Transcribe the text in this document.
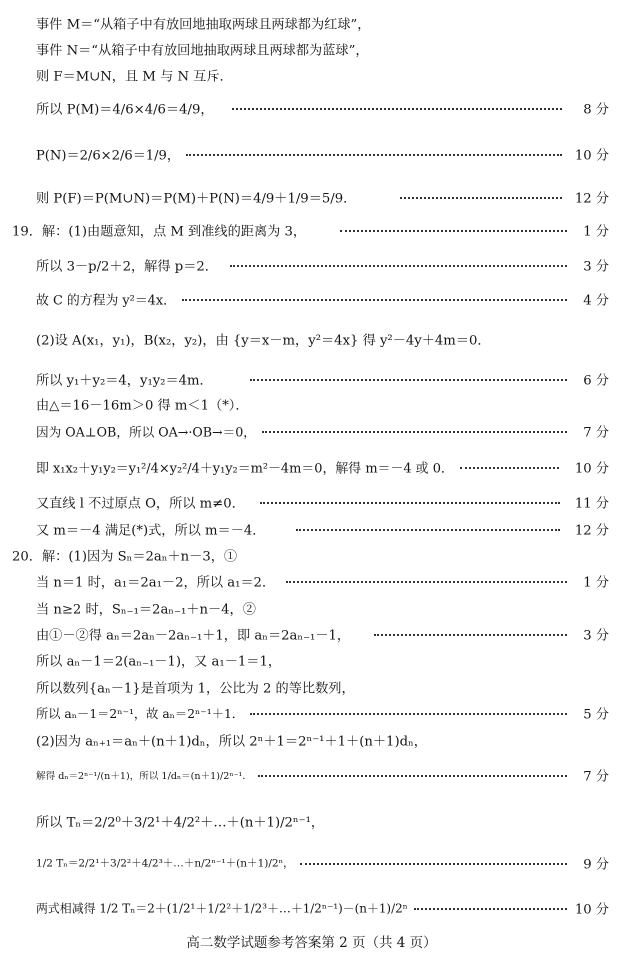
事件 M＝“从箱子中有放回地抽取两球且两球都为红球”，
事件 N＝“从箱子中有放回地抽取两球且两球都为蓝球”，
则 F＝M∪N，且 M 与 N 互斥．
所以 P(M)＝4/6×4/6＝4/9，	8 分
P(N)＝2/6×2/6＝1/9，	10 分
则 P(F)＝P(M∪N)＝P(M)＋P(N)＝4/9＋1/9＝5/9．	12 分
19．解：(1)由题意知，点 M 到准线的距离为 3，	1 分
所以 3－p/2＋2，解得 p＝2．	3 分
故 C 的方程为 y²＝4x．	4 分
(2)设 A(x₁，y₁)，B(x₂，y₂)，由 {y＝x－m，y²＝4x} 得 y²－4y＋4m＝0．
所以 y₁＋y₂＝4，y₁y₂＝4m．	6 分
由△＝16－16m＞0 得 m＜1（*）．
因为 OA⊥OB，所以 OA→·OB→＝0，	7 分
即 x₁x₂＋y₁y₂＝y₁²/4×y₂²/4＋y₁y₂＝m²－4m＝0，解得 m＝－4 或 0．	10 分
又直线 l 不过原点 O，所以 m≠0．	11 分
又 m＝－4 满足(*)式，所以 m＝－4．	12 分
20．解：(1)因为 Sₙ＝2aₙ＋n－3，①
当 n＝1 时，a₁＝2a₁－2，所以 a₁＝2．	1 分
当 n≥2 时，Sₙ₋₁＝2aₙ₋₁＋n－4，②
由①－②得 aₙ＝2aₙ－2aₙ₋₁＋1，即 aₙ＝2aₙ₋₁－1，	3 分
所以 aₙ－1＝2(aₙ₋₁－1)，又 a₁－1＝1，
所以数列{aₙ－1}是首项为 1，公比为 2 的等比数列，
所以 aₙ－1＝2ⁿ⁻¹，故 aₙ＝2ⁿ⁻¹＋1．	5 分
(2)因为 aₙ₊₁＝aₙ＋(n＋1)dₙ，所以 2ⁿ＋1＝2ⁿ⁻¹＋1＋(n＋1)dₙ，
解得 dₙ＝2ⁿ⁻¹/(n＋1)，所以 1/dₙ＝(n＋1)/2ⁿ⁻¹．	7 分
所以 Tₙ＝2/2⁰＋3/2¹＋4/2²＋…＋(n＋1)/2ⁿ⁻¹，
1/2 Tₙ＝2/2¹＋3/2²＋4/2³＋…＋n/2ⁿ⁻¹＋(n＋1)/2ⁿ，	9 分
两式相减得 1/2 Tₙ＝2＋(1/2¹＋1/2²＋1/2³＋…＋1/2ⁿ⁻¹)－(n＋1)/2ⁿ	10 分
高二数学试题参考答案第 2 页（共 4 页）
